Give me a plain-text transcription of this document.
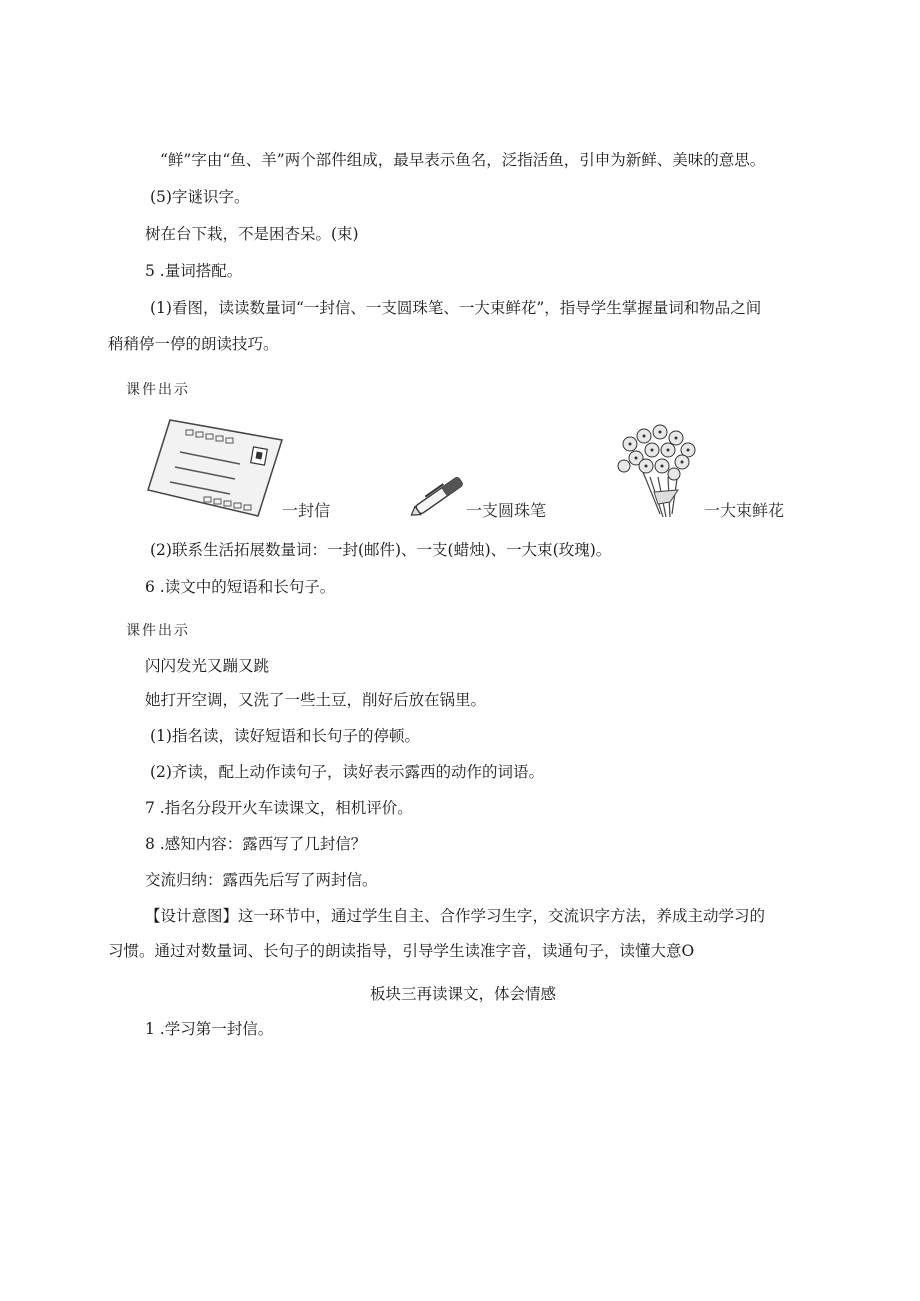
“鲜”字由“鱼、羊”两个部件组成，最早表示鱼名，泛指活鱼，引申为新鲜、美味的意思。
(5)字谜识字。
树在台下栽，不是困杏呆。(束)
5 .量词搭配。
(1)看图，读读数量词“一封信、一支圆珠笔、一大束鲜花”，指导学生掌握量词和物品之间
稍稍停一停的朗读技巧。
课件出示
一封信	一支圆珠笔	一大束鲜花
(2)联系生活拓展数量词：一封(邮件)、一支(蜡烛)、一大束(玫瑰)。
6 .读文中的短语和长句子。
课件出示
闪闪发光又蹦又跳
她打开空调，又洗了一些土豆，削好后放在锅里。
(1)指名读，读好短语和长句子的停顿。
(2)齐读，配上动作读句子，读好表示露西的动作的词语。
7 .指名分段开火车读课文，相机评价。
8 .感知内容：露西写了几封信？
交流归纳：露西先后写了两封信。
【设计意图】这一环节中，通过学生自主、合作学习生字，交流识字方法，养成主动学习的
习惯。通过对数量词、长句子的朗读指导，引导学生读准字音，读通句子，读懂大意O
板块三再读课文，体会情感
1 .学习第一封信。
